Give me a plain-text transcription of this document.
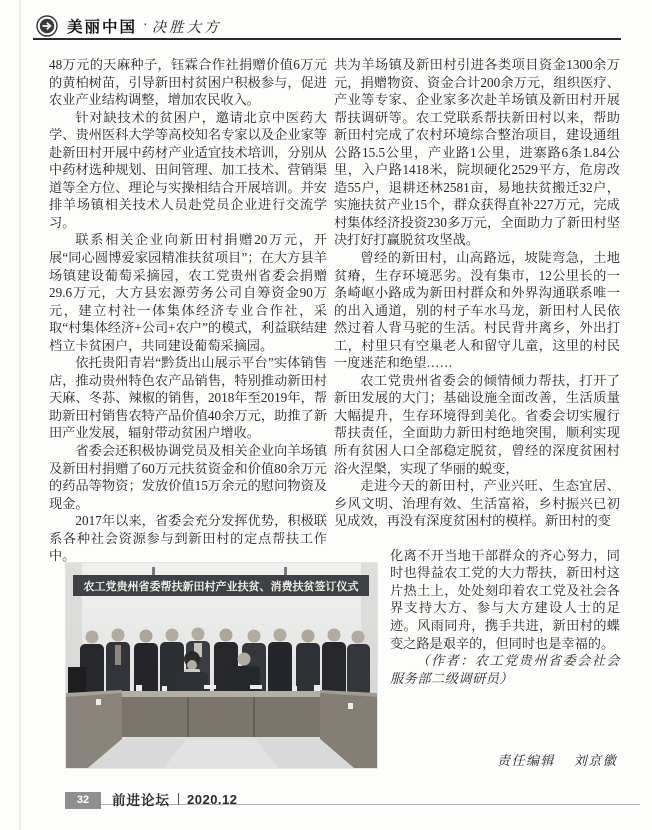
美丽中国 · 决胜大方

48万元的天麻种子，钰霖合作社捐赠价值6万元的黄柏树苗，引导新田村贫困户积极参与，促进农业产业结构调整，增加农民收入。

针对缺技术的贫困户，邀请北京中医药大学、贵州医科大学等高校知名专家以及企业家等赴新田村开展中药材产业适宜技术培训，分别从中药材选种规划、田间管理、加工技术、营销渠道等全方位、理论与实操相结合开展培训。并安排羊场镇相关技术人员赴党员企业进行交流学习。

联系相关企业向新田村捐赠20万元，开展“同心圆博爱家园精准扶贫项目”；在大方县羊场镇建设葡萄采摘园，农工党贵州省委会捐赠29.6万元，大方县宏源劳务公司自筹资金90万元，建立村社一体集体经济专业合作社，采取“村集体经济+公司+农户”的模式，利益联结建档立卡贫困户，共同建设葡萄采摘园。

依托贵阳青岩“黔货出山展示平台”实体销售店，推动贵州特色农产品销售，特别推动新田村天麻、冬荪、辣椒的销售，2018年至2019年，帮助新田村销售农特产品价值40余万元，助推了新田产业发展，辐射带动贫困户增收。

省委会还积极协调党员及相关企业向羊场镇及新田村捐赠了60万元扶贫资金和价值80余万元的药品等物资；发放价值15万余元的慰问物资及现金。

2017年以来，省委会充分发挥优势，积极联系各种社会资源参与到新田村的定点帮扶工作中。

共为羊场镇及新田村引进各类项目资金1300余万元，捐赠物资、资金合计200余万元，组织医疗、产业等专家、企业家多次赴羊场镇及新田村开展帮扶调研等。农工党联系帮扶新田村以来，帮助新田村完成了农村环境综合整治项目，建设通组公路15.5公里，产业路1公里，进寨路6条1.84公里，入户路1418米，院坝硬化2529平方，危房改造55户，退耕还林2581亩，易地扶贫搬迁32户，实施扶贫产业15个，群众获得直补227万元，完成村集体经济投资230多万元，全面助力了新田村坚决打好打赢脱贫攻坚战。

曾经的新田村，山高路远，坡陡弯急，土地贫瘠，生存环境恶劣。没有集市，12公里长的一条崎岖小路成为新田村群众和外界沟通联系唯一的出入通道，别的村子车水马龙，新田村人民依然过着人背马驼的生活。村民背井离乡，外出打工，村里只有空巢老人和留守儿童，这里的村民一度迷茫和绝望……

农工党贵州省委会的倾情倾力帮扶，打开了新田发展的大门；基础设施全面改善，生活质量大幅提升，生存环境得到美化。省委会切实履行帮扶责任，全面助力新田村绝地突围，顺利实现所有贫困人口全部稳定脱贫，曾经的深度贫困村浴火涅槃，实现了华丽的蜕变，

走进今天的新田村，产业兴旺、生态宜居、乡风文明、治理有效、生活富裕，乡村振兴已初见成效，再没有深度贫困村的模样。新田村的变

化离不开当地干部群众的齐心努力，同时也得益农工党的大力帮扶，新田村这片热土上，处处刻印着农工党及社会各界支持大方、参与大方建设人士的足迹。风雨同舟，携手共进，新田村的蝶变之路是艰辛的，但同时也是幸福的。

（作者：农工党贵州省委会社会服务部二级调研员）

农工党贵州省委帮扶新田村产业扶贫、消费扶贫签订仪式
责任编辑 刘京徽
32	前进论坛 2020.12
